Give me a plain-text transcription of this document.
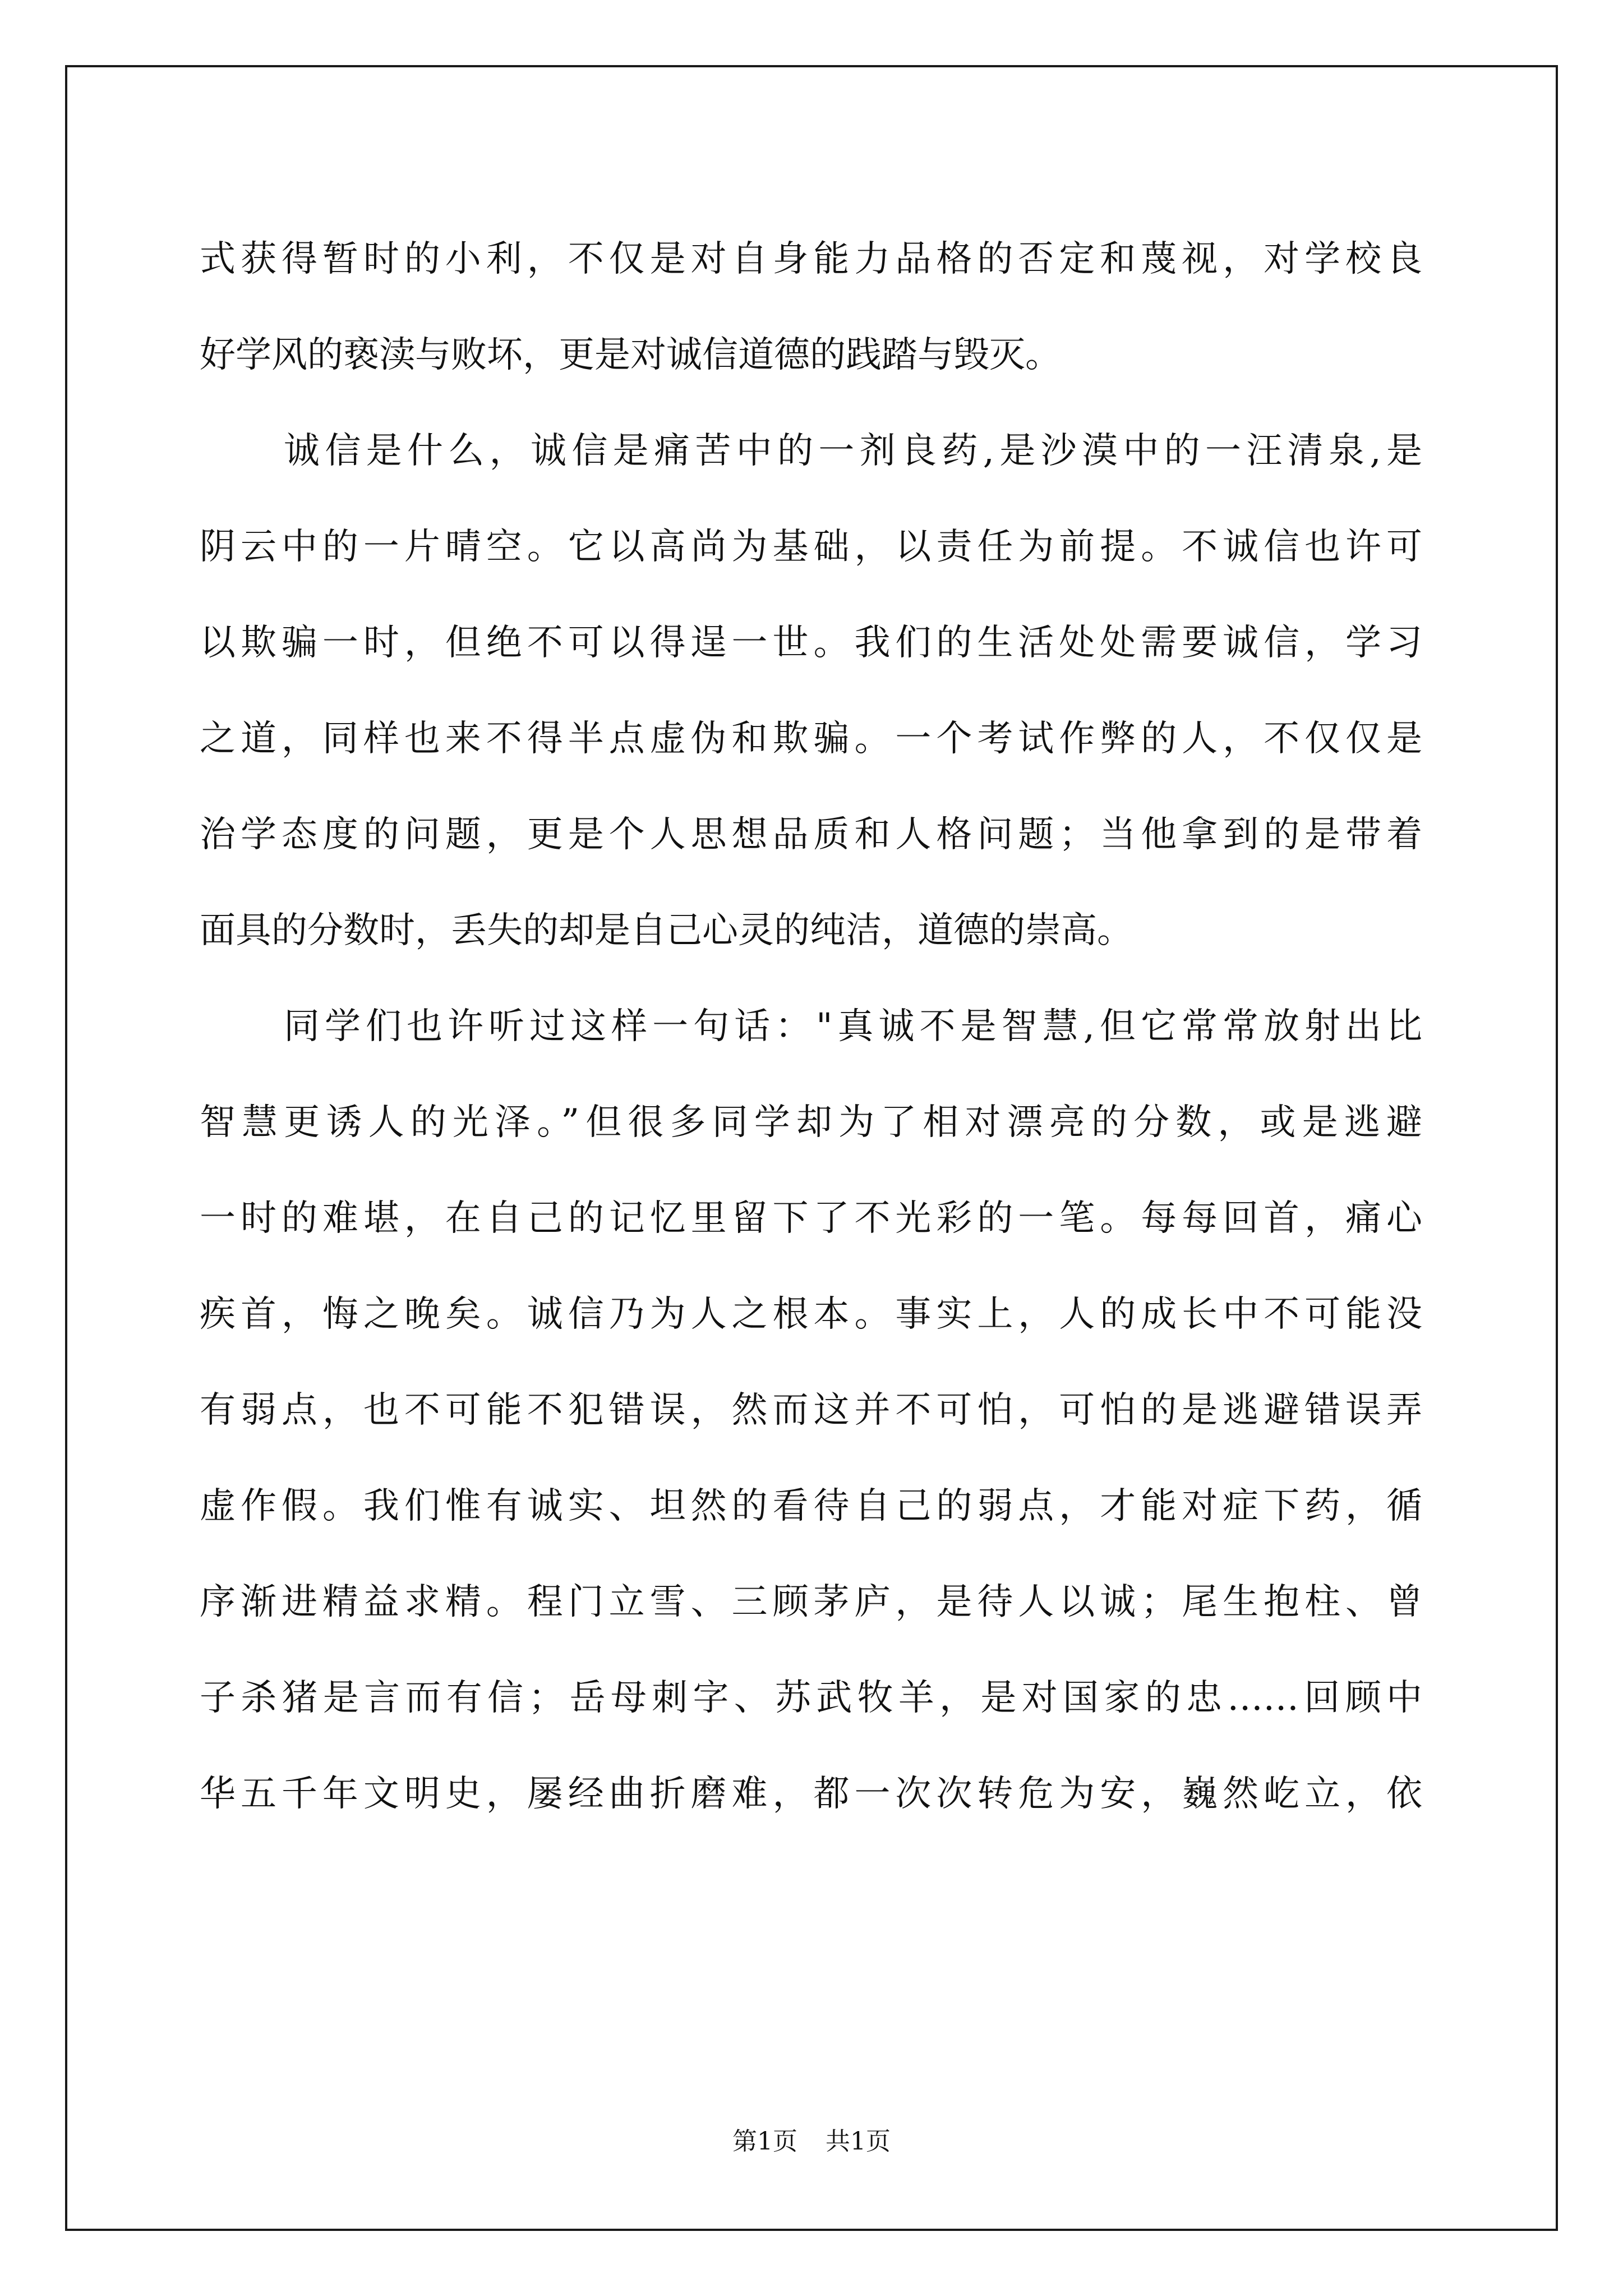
式获得暂时的小利，不仅是对自身能力品格的否定和蔑视，对学校良
好学风的亵渎与败坏，更是对诚信道德的践踏与毁灭。
诚信是什么，诚信是痛苦中的一剂良药,是沙漠中的一汪清泉,是
阴云中的一片晴空。它以高尚为基础，以责任为前提。不诚信也许可
以欺骗一时，但绝不可以得逞一世。我们的生活处处需要诚信，学习
之道，同样也来不得半点虚伪和欺骗。一个考试作弊的人，不仅仅是
治学态度的问题，更是个人思想品质和人格问题；当他拿到的是带着
面具的分数时，丢失的却是自己心灵的纯洁，道德的崇高。
同学们也许听过这样一句话："真诚不是智慧,但它常常放射出比
智慧更诱人的光泽。”但很多同学却为了相对漂亮的分数，或是逃避
一时的难堪，在自己的记忆里留下了不光彩的一笔。每每回首，痛心
疾首，悔之晚矣。诚信乃为人之根本。事实上，人的成长中不可能没
有弱点，也不可能不犯错误，然而这并不可怕，可怕的是逃避错误弄
虚作假。我们惟有诚实、坦然的看待自己的弱点，才能对症下药，循
序渐进精益求精。程门立雪、三顾茅庐，是待人以诚；尾生抱柱、曾
子杀猪是言而有信；岳母刺字、苏武牧羊，是对国家的忠……回顾中
华五千年文明史，屡经曲折磨难，都一次次转危为安，巍然屹立，依
第1页 共1页
